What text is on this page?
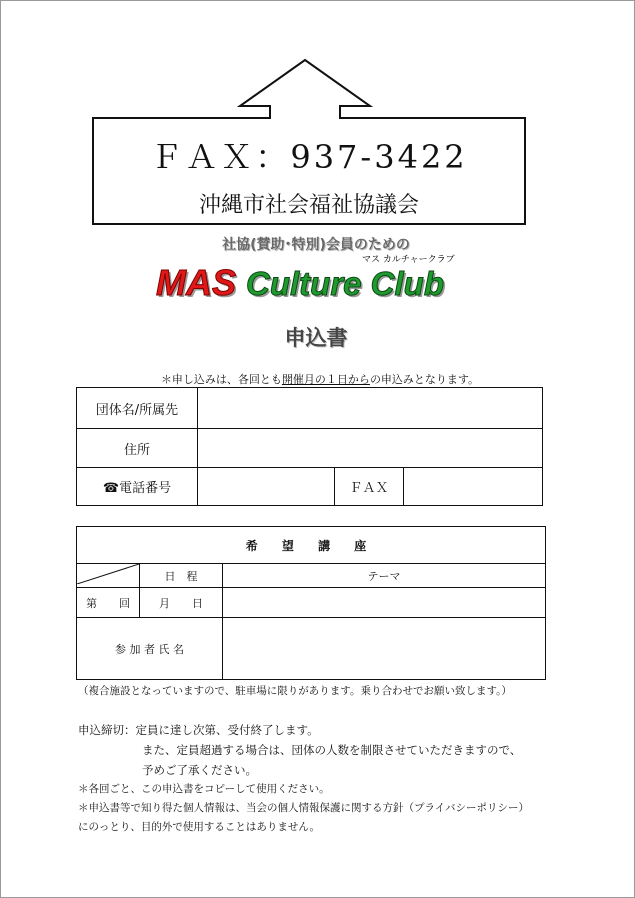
ＦＡＸ：937-3422
沖縄市社会福祉協議会
社協(賛助･特別)会員のための
マス カルチャークラブ
MAS Culture Club
申込書
＊申し込みは、各回とも開催月の１日からの申込みとなります。
団体名/所属先			
住所			
☎電話番号		ＦＡＸ	
希 望 講 座		
	日　程	テーマ
第　　回	月　　日	
参 加 者 氏 名		
（複合施設となっていますので、駐車場に限りがあります。乗り合わせでお願い致します。）
申込締切：定員に達し次第、受付終了します。
また、定員超過する場合は、団体の人数を制限させていただきますので、
予めご了承ください。
＊各回ごと、この申込書をコピーして使用ください。
＊申込書等で知り得た個人情報は、当会の個人情報保護に関する方針（プライバシーポリシー）
にのっとり、目的外で使用することはありません。
